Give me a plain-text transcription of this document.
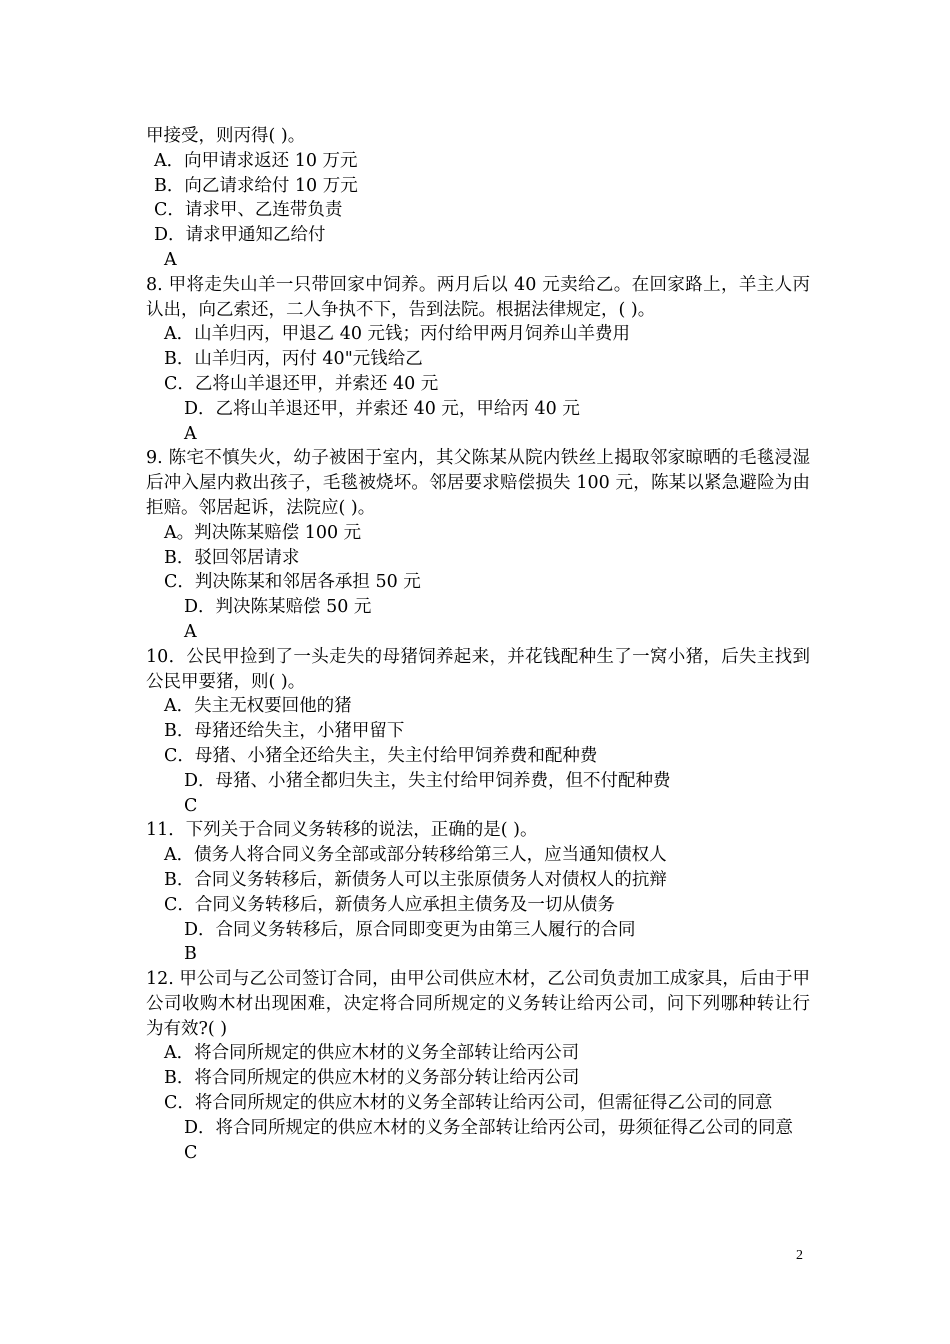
甲接受，则丙得( )。
A．向甲请求返还 10 万元
B．向乙请求给付 10 万元
C．请求甲、乙连带负责
D．请求甲通知乙给付
A
8. 甲将走失山羊一只带回家中饲养。两月后以 40 元卖给乙。在回家路上，羊主人丙认出，向乙索还，二人争执不下，告到法院。根据法律规定，( )。
A．山羊归丙，甲退乙 40 元钱；丙付给甲两月饲养山羊费用
B．山羊归丙，丙付 40"元钱给乙
C．乙将山羊退还甲，并索还 40 元
D．乙将山羊退还甲，并索还 40 元，甲给丙 40 元
A
9. 陈宅不慎失火，幼子被困于室内，其父陈某从院内铁丝上揭取邻家晾晒的毛毯浸湿后冲入屋内救出孩子，毛毯被烧坏。邻居要求赔偿损失 100 元，陈某以紧急避险为由拒赔。邻居起诉，法院应( )。
A。判决陈某赔偿 100 元
B．驳回邻居请求
C．判决陈某和邻居各承担 50 元
D．判决陈某赔偿 50 元
A
10．公民甲捡到了一头走失的母猪饲养起来，并花钱配种生了一窝小猪，后失主找到公民甲要猪，则( )。
A．失主无权要回他的猪
B．母猪还给失主，小猪甲留下
C．母猪、小猪全还给失主，失主付给甲饲养费和配种费
D．母猪、小猪全都归失主，失主付给甲饲养费，但不付配种费
C
11．下列关于合同义务转移的说法，正确的是( )。
A．债务人将合同义务全部或部分转移给第三人，应当通知债权人
B．合同义务转移后，新债务人可以主张原债务人对债权人的抗辩
C．合同义务转移后，新债务人应承担主债务及一切从债务
D．合同义务转移后，原合同即变更为由第三人履行的合同
B
12. 甲公司与乙公司签订合同，由甲公司供应木材，乙公司负责加工成家具，后由于甲公司收购木材出现困难，决定将合同所规定的义务转让给丙公司，问下列哪种转让行为有效?( )
A．将合同所规定的供应木材的义务全部转让给丙公司
B．将合同所规定的供应木材的义务部分转让给丙公司
C． 将合同所规定的供应木材的义务全部转让给丙公司，但需征得乙公司的同意
D． 将合同所规定的供应木材的义务全部转让给丙公司，毋须征得乙公司的同意
C
2
